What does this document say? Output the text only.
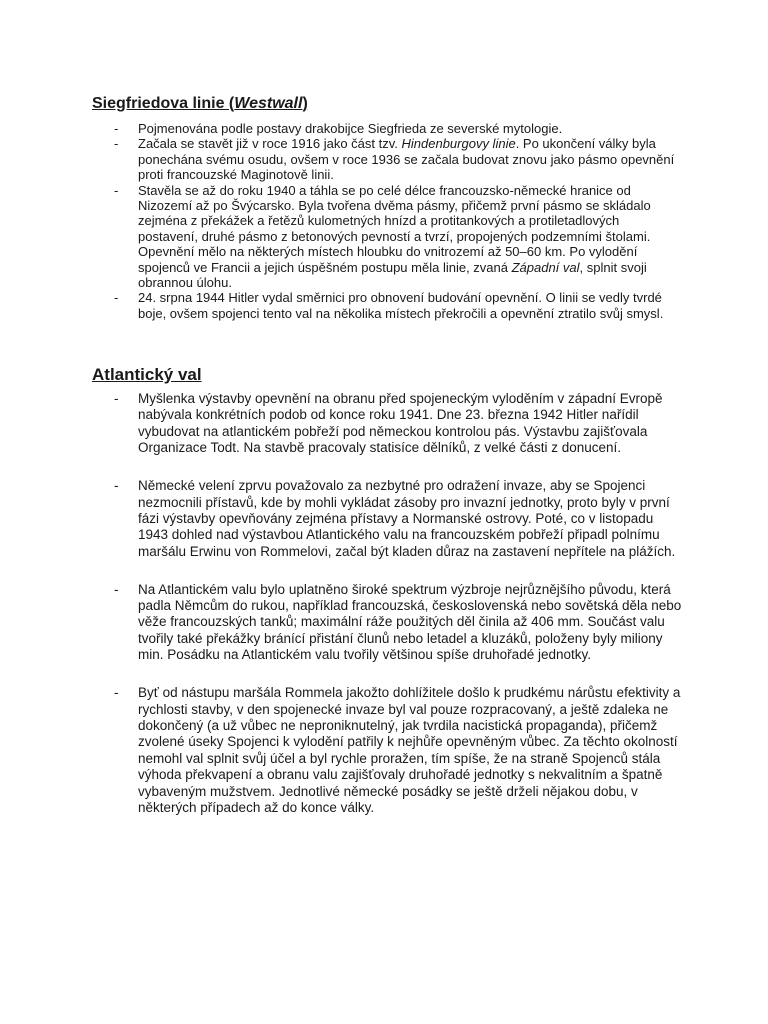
Siegfriedova linie (Westwall)
- Pojmenována podle postavy drakobijce Siegfrieda ze severské mytologie.
- Začala se stavět již v roce 1916 jako část tzv. Hindenburgovy linie. Po ukončení války byla ponechána svému osudu, ovšem v roce 1936 se začala budovat znovu jako pásmo opevnění proti francouzské Maginotově linii.
- Stavěla se až do roku 1940 a táhla se po celé délce francouzsko-německé hranice od Nizozemí až po Švýcarsko. Byla tvořena dvěma pásmy, přičemž první pásmo se skládalo zejména z překážek a řetězů kulometných hnízd a protitankových a protiletadlových postavení, druhé pásmo z betonových pevností a tvrzí, propojených podzemními štolami. Opevnění mělo na některých místech hloubku do vnitrozemí až 50–60 km. Po vylodění spojenců ve Francii a jejich úspěšném postupu měla linie, zvaná Západní val, splnit svoji obrannou úlohu.
- 24. srpna 1944 Hitler vydal směrnici pro obnovení budování opevnění. O linii se vedly tvrdé boje, ovšem spojenci tento val na několika místech překročili a opevnění ztratilo svůj smysl.
Atlantický val
- Myšlenka výstavby opevnění na obranu před spojeneckým vyloděním v západní Evropě nabývala konkrétních podob od konce roku 1941. Dne 23. března 1942 Hitler nařídil vybudovat na atlantickém pobřeží pod německou kontrolou pás. Výstavbu zajišťovala Organizace Todt. Na stavbě pracovaly statisíce dělníků, z velké části z donucení.
- Německé velení zprvu považovalo za nezbytné pro odražení invaze, aby se Spojenci nezmocnili přístavů, kde by mohli vykládat zásoby pro invazní jednotky, proto byly v první fázi výstavby opevňovány zejména přístavy a Normanské ostrovy. Poté, co v listopadu 1943 dohled nad výstavbou Atlantického valu na francouzském pobřeží připadl polnímu maršálu Erwinu von Rommelovi, začal být kladen důraz na zastavení nepřítele na plážích.
- Na Atlantickém valu bylo uplatněno široké spektrum výzbroje nejrůznějšího původu, která padla Němcům do rukou, například francouzská, československá nebo sovětská děla nebo věže francouzských tanků; maximální ráže použitých děl činila až 406 mm. Součást valu tvořily také překážky bránící přistání člunů nebo letadel a kluzáků, položeny byly miliony min. Posádku na Atlantickém valu tvořily většinou spíše druhořadé jednotky.
- Byť od nástupu maršála Rommela jakožto dohlížitele došlo k prudkému nárůstu efektivity a rychlosti stavby, v den spojenecké invaze byl val pouze rozpracovaný, a ještě zdaleka ne dokončený (a už vůbec ne neproniknutelný, jak tvrdila nacistická propaganda), přičemž zvolené úseky Spojenci k vylodění patřily k nejhůře opevněným vůbec. Za těchto okolností nemohl val splnit svůj účel a byl rychle proražen, tím spíše, že na straně Spojenců stála výhoda překvapení a obranu valu zajišťovaly druhořadé jednotky s nekvalitním a špatně vybaveným mužstvem. Jednotlivé německé posádky se ještě drželi nějakou dobu, v některých případech až do konce války.
